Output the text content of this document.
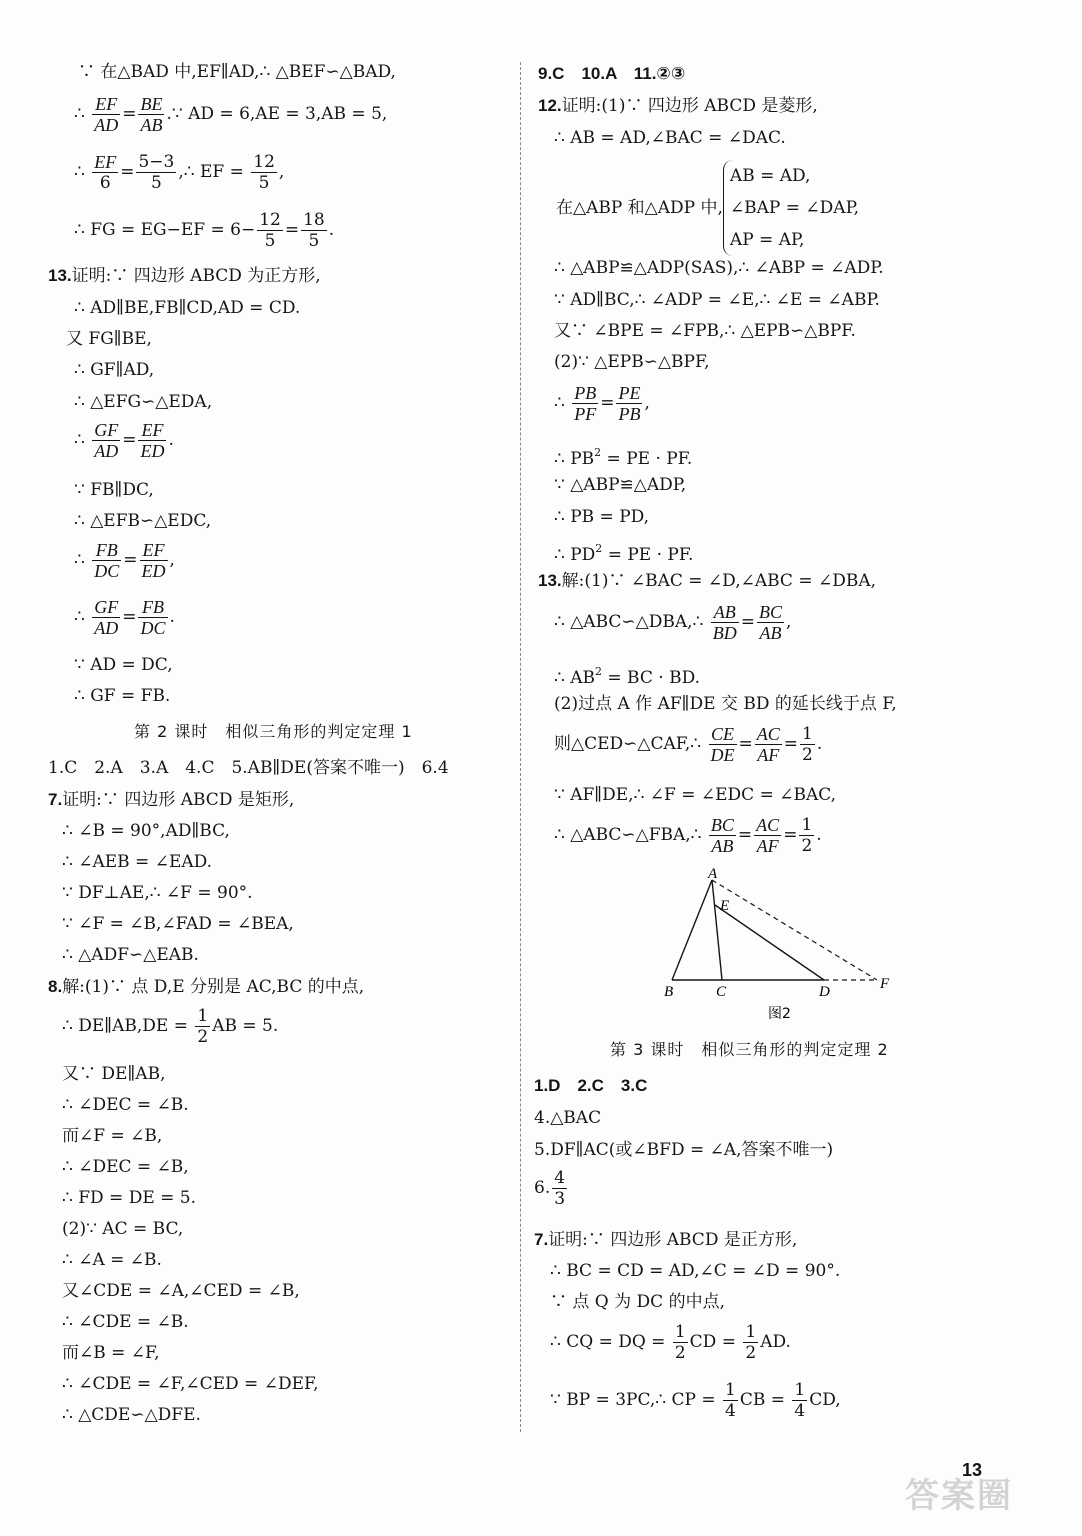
∵ 在△BAD 中,EF∥AD,∴ △BEF∽△BAD,
∴ $\frac{EF}{AD} = \frac{BE}{AB}$ .∵ AD = 6,AE = 3,AB = 5,
∴ $\frac{EF}{6} = \frac{5-3}{5}$ ,∴ EF = $\frac{12}{5}$ ,
∴ FG = $EG-EF = 6- \frac{12}{5} = \frac{18}{5}$ .
13.证明:∵ 四边形 ABCD 为正方形,
∴ AD∥BE,FB∥CD,AD = CD.
又 FG∥BE,
∴ GF∥AD,
∴ △EFG∽△EDA,
∴ $\frac{GF}{AD} = \frac{EF}{ED}$ .
∵ FB∥DC,
∴ △EFB∽△EDC,
∴ $\frac{FB}{DC} = \frac{EF}{ED}$ ,
∴ $\frac{GF}{AD} = \frac{FB}{DC}$ .
∵ AD = DC,
∴ GF = FB.
第 2 课时　相似三角形的判定定理 1
1.C　2.A　3.A　4.C　5.AB∥DE(答案不唯一)　6.4
7.证明:∵ 四边形 ABCD 是矩形,
∴ ∠B = 90°,AD∥BC,
∴ ∠AEB = ∠EAD.
∵ DF⊥AE,∴ ∠F = 90°.
∵ ∠F = ∠B,∠FAD = ∠BEA,
∴ △ADF∽△EAB.
8.解:(1)∵ 点 D,E 分别是 AC,BC 的中点,
∴ DE∥AB,DE = $\frac{1}{2}$ AB = 5.
又∵ DE∥AB,
∴ ∠DEC = ∠B.
而∠F = ∠B,
∴ ∠DEC = ∠B,
∴ FD = DE = 5.
(2)∵ AC = BC,
∴ ∠A = ∠B.
又∠CDE = ∠A,∠CED = ∠B,
∴ ∠CDE = ∠B.
而∠B = ∠F,
∴ ∠CDE = ∠F,∠CED = ∠DEF,
∴ △CDE∽△DFE.
9.C　10.A　11.②③
12.证明:(1)∵ 四边形 ABCD 是菱形,
∴ AB = AD,∠BAC = ∠DAC.
在△ABP 和△ADP 中,
AB = AD,
∠BAP = ∠DAP,
AP = AP,
∴ △ABP≌△ADP(SAS),∴ ∠ABP = ∠ADP.
∵ AD∥BC,∴ ∠ADP = ∠E,∴ ∠E = ∠ABP.
又∵ ∠BPE = ∠FPB,∴ △EPB∽△BPF.
(2)∵ △EPB∽△BPF,
∴ $\frac{PB}{PF} = \frac{PE}{PB}$ ,
∴ $PB^2$ = PE · PF.
∵ △ABP≌△ADP,
∴ PB = PD,
∴ $PD^2$ = PE · PF.
13.解:(1)∵ ∠BAC = ∠D,∠ABC = ∠DBA,
∴ △ABC∽△DBA,∴ $\frac{AB}{BD} = \frac{BC}{AB}$ ,
∴ $AB^2$ = BC · BD.
(2)过点 A 作 AF∥DE 交 BD 的延长线于点 F,
则△CED∽△CAF,∴ $\frac{CE}{DE} = \frac{AC}{AF} = \frac{1}{2}$ .
∵ AF∥DE,∴ ∠F = ∠EDC = ∠BAC,
∴ △ABC∽△FBA,∴ $\frac{BC}{AB} = \frac{AC}{AF} = \frac{1}{2}$ .
A
E
B	C	D	F
图2
第 3 课时　相似三角形的判定定理 2
1.D　2.C　3.C
4.△BAC
5.DF∥AC(或∠BFD = ∠A,答案不唯一)
6. $\frac{4}{3}$
7.证明:∵ 四边形 ABCD 是正方形,
∴ BC = CD = AD,∠C = ∠D = 90°.
∵ 点 Q 为 DC 的中点,
∴ CQ = DQ = $\frac{1}{2}$ CD = $\frac{1}{2}$ AD.
∵ BP = 3PC,∴ CP = $\frac{1}{4}$ CB = $\frac{1}{4}$ CD,
13
答案圈
